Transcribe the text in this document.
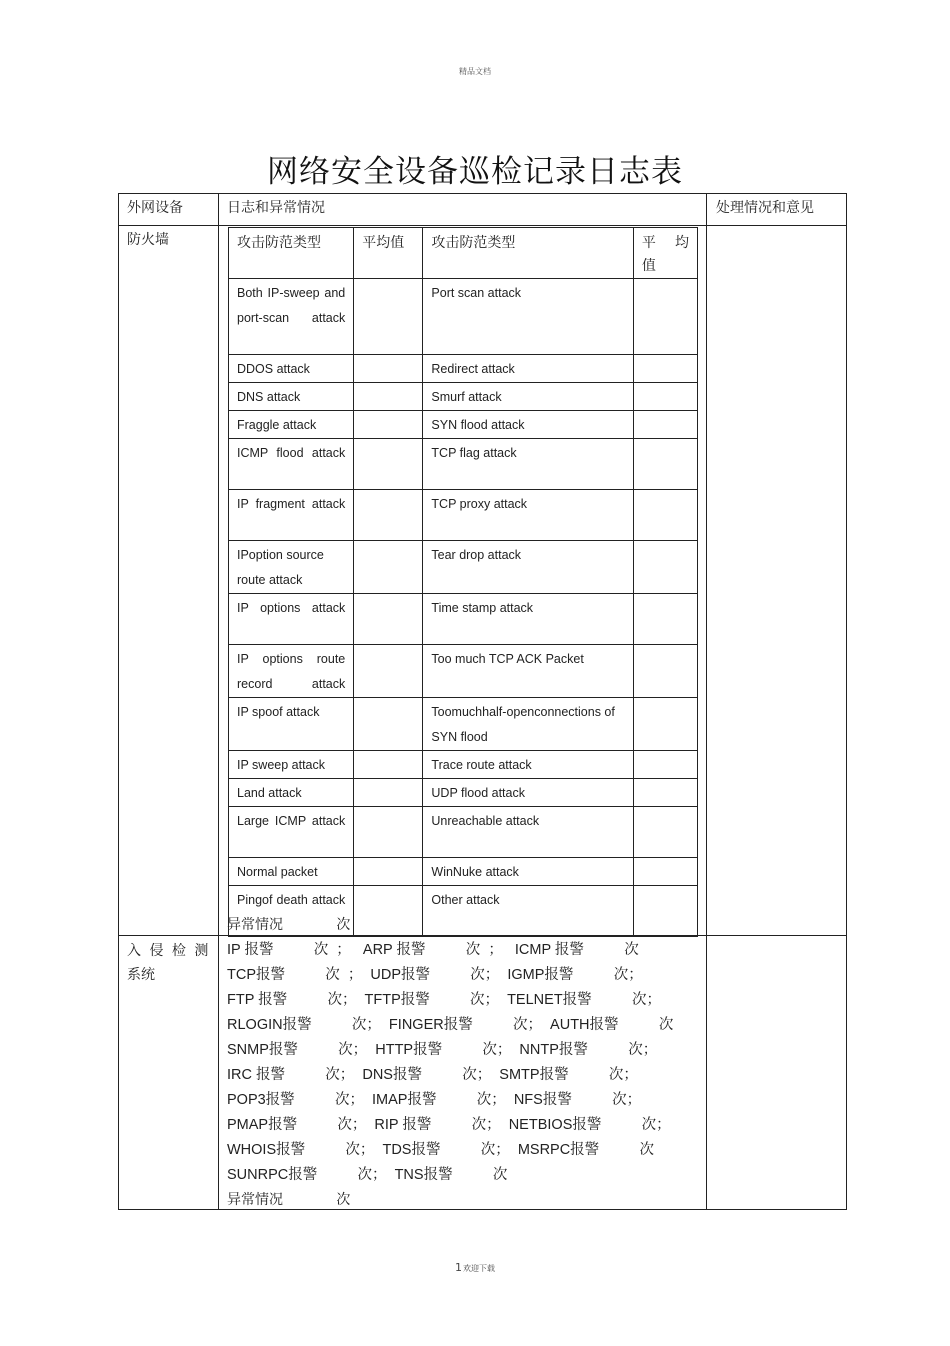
精品文档
网络安全设备巡检记录日志表
外网设备	日志和异常情况	处理情况和意见
防火墙	攻击防范类型	平均值	攻击防范类型	平 均 值

Both IP-sweep and port-scan attack		Port scan attack	
DDOS attack		Redirect attack	
DNS attack		Smurf attack	
Fraggle attack		SYN flood attack	
ICMP flood attack		TCP flag attack	
IP fragment attack		TCP proxy attack	
IPoption source route attack		Tear drop attack	
IP options attack		Time stamp attack	
IP options route record attack		Too much TCP ACK Packet	
IP spoof attack		Toomuchhalf-openconnections of SYN flood	
IP sweep attack		Trace route attack	
Land attack		UDP flood attack	
Large ICMP attack		Unreachable attack	
Normal packet		WinNuke attack	
Pingof death attack		Other attack	
异常情况            次
入 侵 检 测
系统
IP 报警          次  ；   ARP 报警          次  ；   ICMP 报警          次
TCP报警          次  ；  UDP报警          次；  IGMP报警          次；
FTP 报警          次；  TFTP报警          次；  TELNET报警          次；
RLOGIN报警          次；  FINGER报警          次；  AUTH报警          次
SNMP报警          次；  HTTP报警          次；  NNTP报警          次；
IRC 报警          次；  DNS报警          次；  SMTP报警          次；
POP3报警          次；  IMAP报警          次；  NFS报警          次；
PMAP报警          次；  RIP 报警          次；  NETBIOS报警          次；
WHOIS报警          次；  TDS报警          次；  MSRPC报警          次
SUNRPC报警          次；  TNS报警          次
异常情况            次
1欢迎下载
